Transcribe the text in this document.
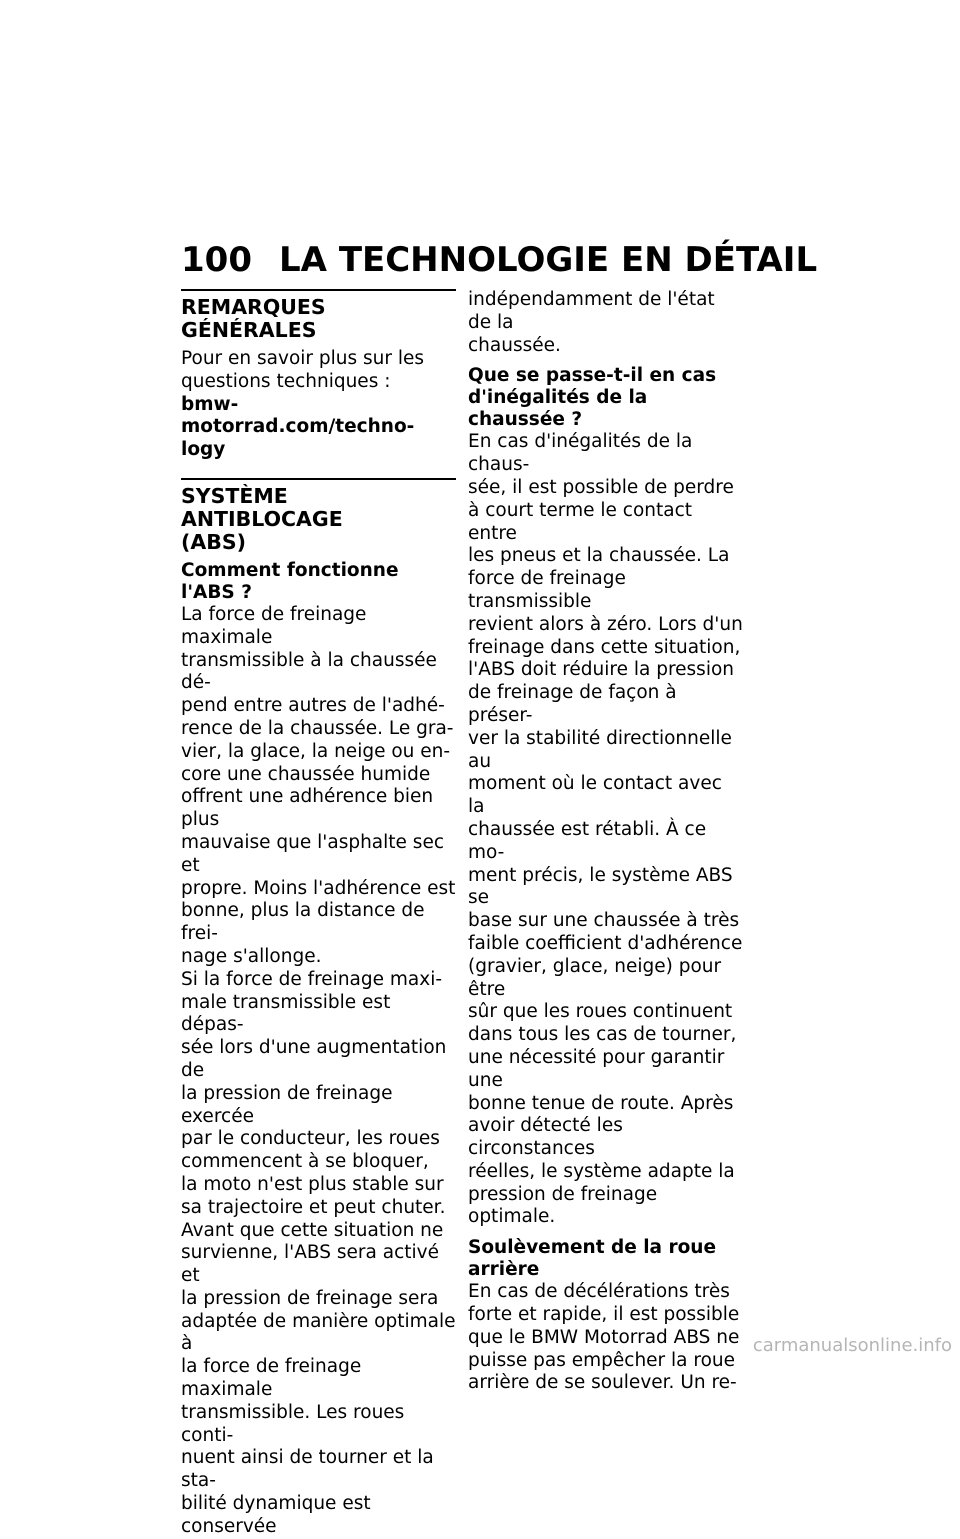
100 LA TECHNOLOGIE EN DÉTAIL
REMARQUES GÉNÉRALES
Pour en savoir plus sur les
questions techniques :
bmw-motorrad.com/techno-
logy
SYSTÈME ANTIBLOCAGE
(ABS)
Comment fonctionne l'ABS ?
La force de freinage maximale
transmissible à la chaussée dé-
pend entre autres de l'adhé-
rence de la chaussée. Le gra-
vier, la glace, la neige ou en-
core une chaussée humide
offrent une adhérence bien plus
mauvaise que l'asphalte sec et
propre. Moins l'adhérence est
bonne, plus la distance de frei-
nage s'allonge.
Si la force de freinage maxi-
male transmissible est dépas-
sée lors d'une augmentation de
la pression de freinage exercée
par le conducteur, les roues
commencent à se bloquer,
la moto n'est plus stable sur
sa trajectoire et peut chuter.
Avant que cette situation ne
survienne, l'ABS sera activé et
la pression de freinage sera
adaptée de manière optimale à
la force de freinage maximale
transmissible. Les roues conti-
nuent ainsi de tourner et la sta-
bilité dynamique est conservée
indépendamment de l'état de la
chaussée.
Que se passe-t-il en cas
d'inégalités de la chaussée ?
En cas d'inégalités de la chaus-
sée, il est possible de perdre
à court terme le contact entre
les pneus et la chaussée. La
force de freinage transmissible
revient alors à zéro. Lors d'un
freinage dans cette situation,
l'ABS doit réduire la pression
de freinage de façon à préser-
ver la stabilité directionnelle au
moment où le contact avec la
chaussée est rétabli. À ce mo-
ment précis, le système ABS se
base sur une chaussée à très
faible coefficient d'adhérence
(gravier, glace, neige) pour être
sûr que les roues continuent
dans tous les cas de tourner,
une nécessité pour garantir une
bonne tenue de route. Après
avoir détecté les circonstances
réelles, le système adapte la
pression de freinage optimale.
Soulèvement de la roue
arrière
En cas de décélérations très
forte et rapide, il est possible
que le BMW Motorrad ABS ne
puisse pas empêcher la roue
arrière de se soulever. Un re-
carmanualsonline.info
